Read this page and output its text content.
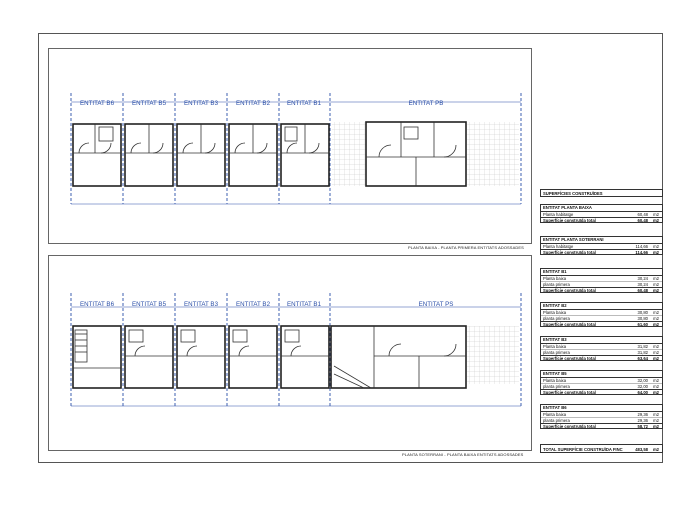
ENTITAT B6	ENTITAT B5	ENTITAT B3	ENTITAT B2	ENTITAT B1	ENTITAT PB
PLANTA BAIXA - PLANTA PRIMERA ENTITATS ADOSSADES
ENTITAT B6	ENTITAT B5	ENTITAT B3	ENTITAT B2	ENTITAT B1	ENTITAT PS
PLANTA SOTERRANI - PLANTA BAIXA ENTITATS ADOSSADES
SUPERFÍCIES CONSTRUÏDES
ENTITAT PLANTA BAIXA
Planta habitatge	60,48 m2
Superfície construïda total	60,48 m2
ENTITAT PLANTA SOTERRANI
Planta habitatge	114,66 m2
Superfície construïda total	114,66 m2
ENTITAT B1
Planta baixa	30,24 m2
planta primera	30,24 m2
Superfície construïda total	60,48 m2
ENTITAT B2
Planta baixa	30,80 m2
planta primera	30,80 m2
Superfície construïda total	61,60 m2
ENTITAT B3
Planta baixa	31,82 m2
planta primera	31,82 m2
Superfície construïda total	63,64 m2
ENTITAT B5
Planta baixa	32,00 m2
planta primera	32,00 m2
Superfície construïda total	64,00 m2
ENTITAT B6
Planta baixa	29,36 m2
planta primera	29,36 m2
Superfície construïda total	58,72 m2
TOTAL SUPERFÍCIE CONSTRUÏDA FINC	483,58 m2
